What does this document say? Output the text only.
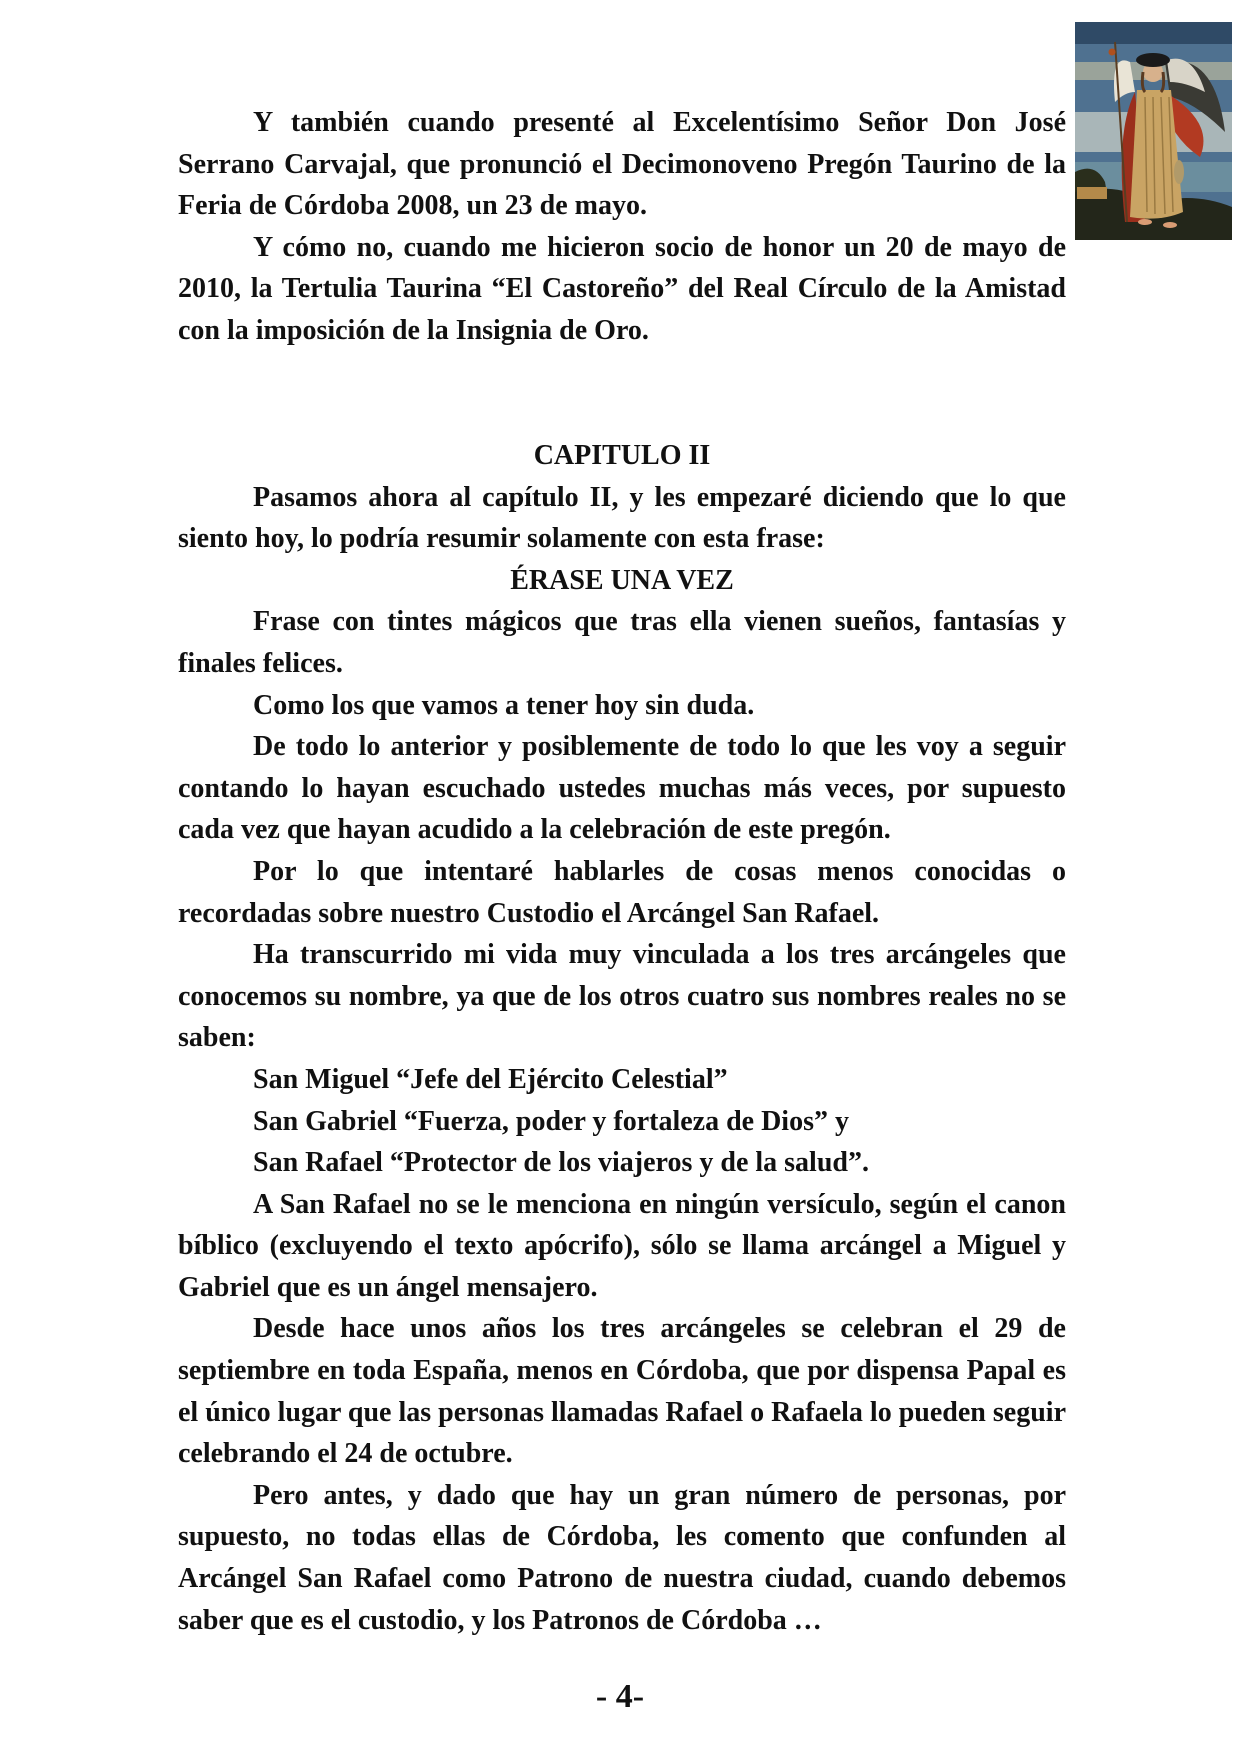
Y también cuando presenté al Excelentísimo Señor Don José Serrano Carvajal, que pronunció el Decimonoveno Pregón Taurino de la Feria de Córdoba 2008, un 23 de mayo.

Y cómo no, cuando me hicieron socio de honor un 20 de mayo de 2010, la Tertulia Taurina “El Castoreño” del Real Círculo de la Amistad con la imposición de la Insignia de Oro.

CAPITULO II

Pasamos ahora al capítulo II, y les empezaré diciendo que lo que siento hoy, lo podría resumir solamente con esta frase:

ÉRASE UNA VEZ

Frase con tintes mágicos que tras ella vienen sueños, fantasías y finales felices.

Como los que vamos a tener hoy sin duda.

De todo lo anterior y posiblemente de todo lo que les voy a seguir contando lo hayan escuchado ustedes muchas más veces, por supuesto cada vez que hayan acudido a la celebración de este pregón.

Por lo que intentaré hablarles de cosas menos conocidas o recordadas sobre nuestro Custodio el Arcángel San Rafael.

Ha transcurrido mi vida muy vinculada a los tres arcángeles que conocemos su nombre, ya que de los otros cuatro sus nombres reales no se saben:

San Miguel “Jefe del Ejército Celestial”

San Gabriel “Fuerza, poder y fortaleza de Dios” y

San Rafael “Protector de los viajeros y de la salud”.

A San Rafael no se le menciona en ningún versículo, según el canon bíblico (excluyendo el texto apócrifo), sólo se llama arcángel a Miguel y Gabriel que es un ángel mensajero.

Desde hace unos años los tres arcángeles se celebran el 29 de septiembre en toda España, menos en Córdoba, que por dispensa Papal es el único lugar que las personas llamadas Rafael o Rafaela lo pueden seguir celebrando el 24 de octubre.

Pero antes, y dado que hay un gran número de personas, por supuesto, no todas ellas de Córdoba, les comento que confunden al Arcángel San Rafael como Patrono de nuestra ciudad, cuando debemos saber que es el custodio, y los Patronos de Córdoba …

- 4-
